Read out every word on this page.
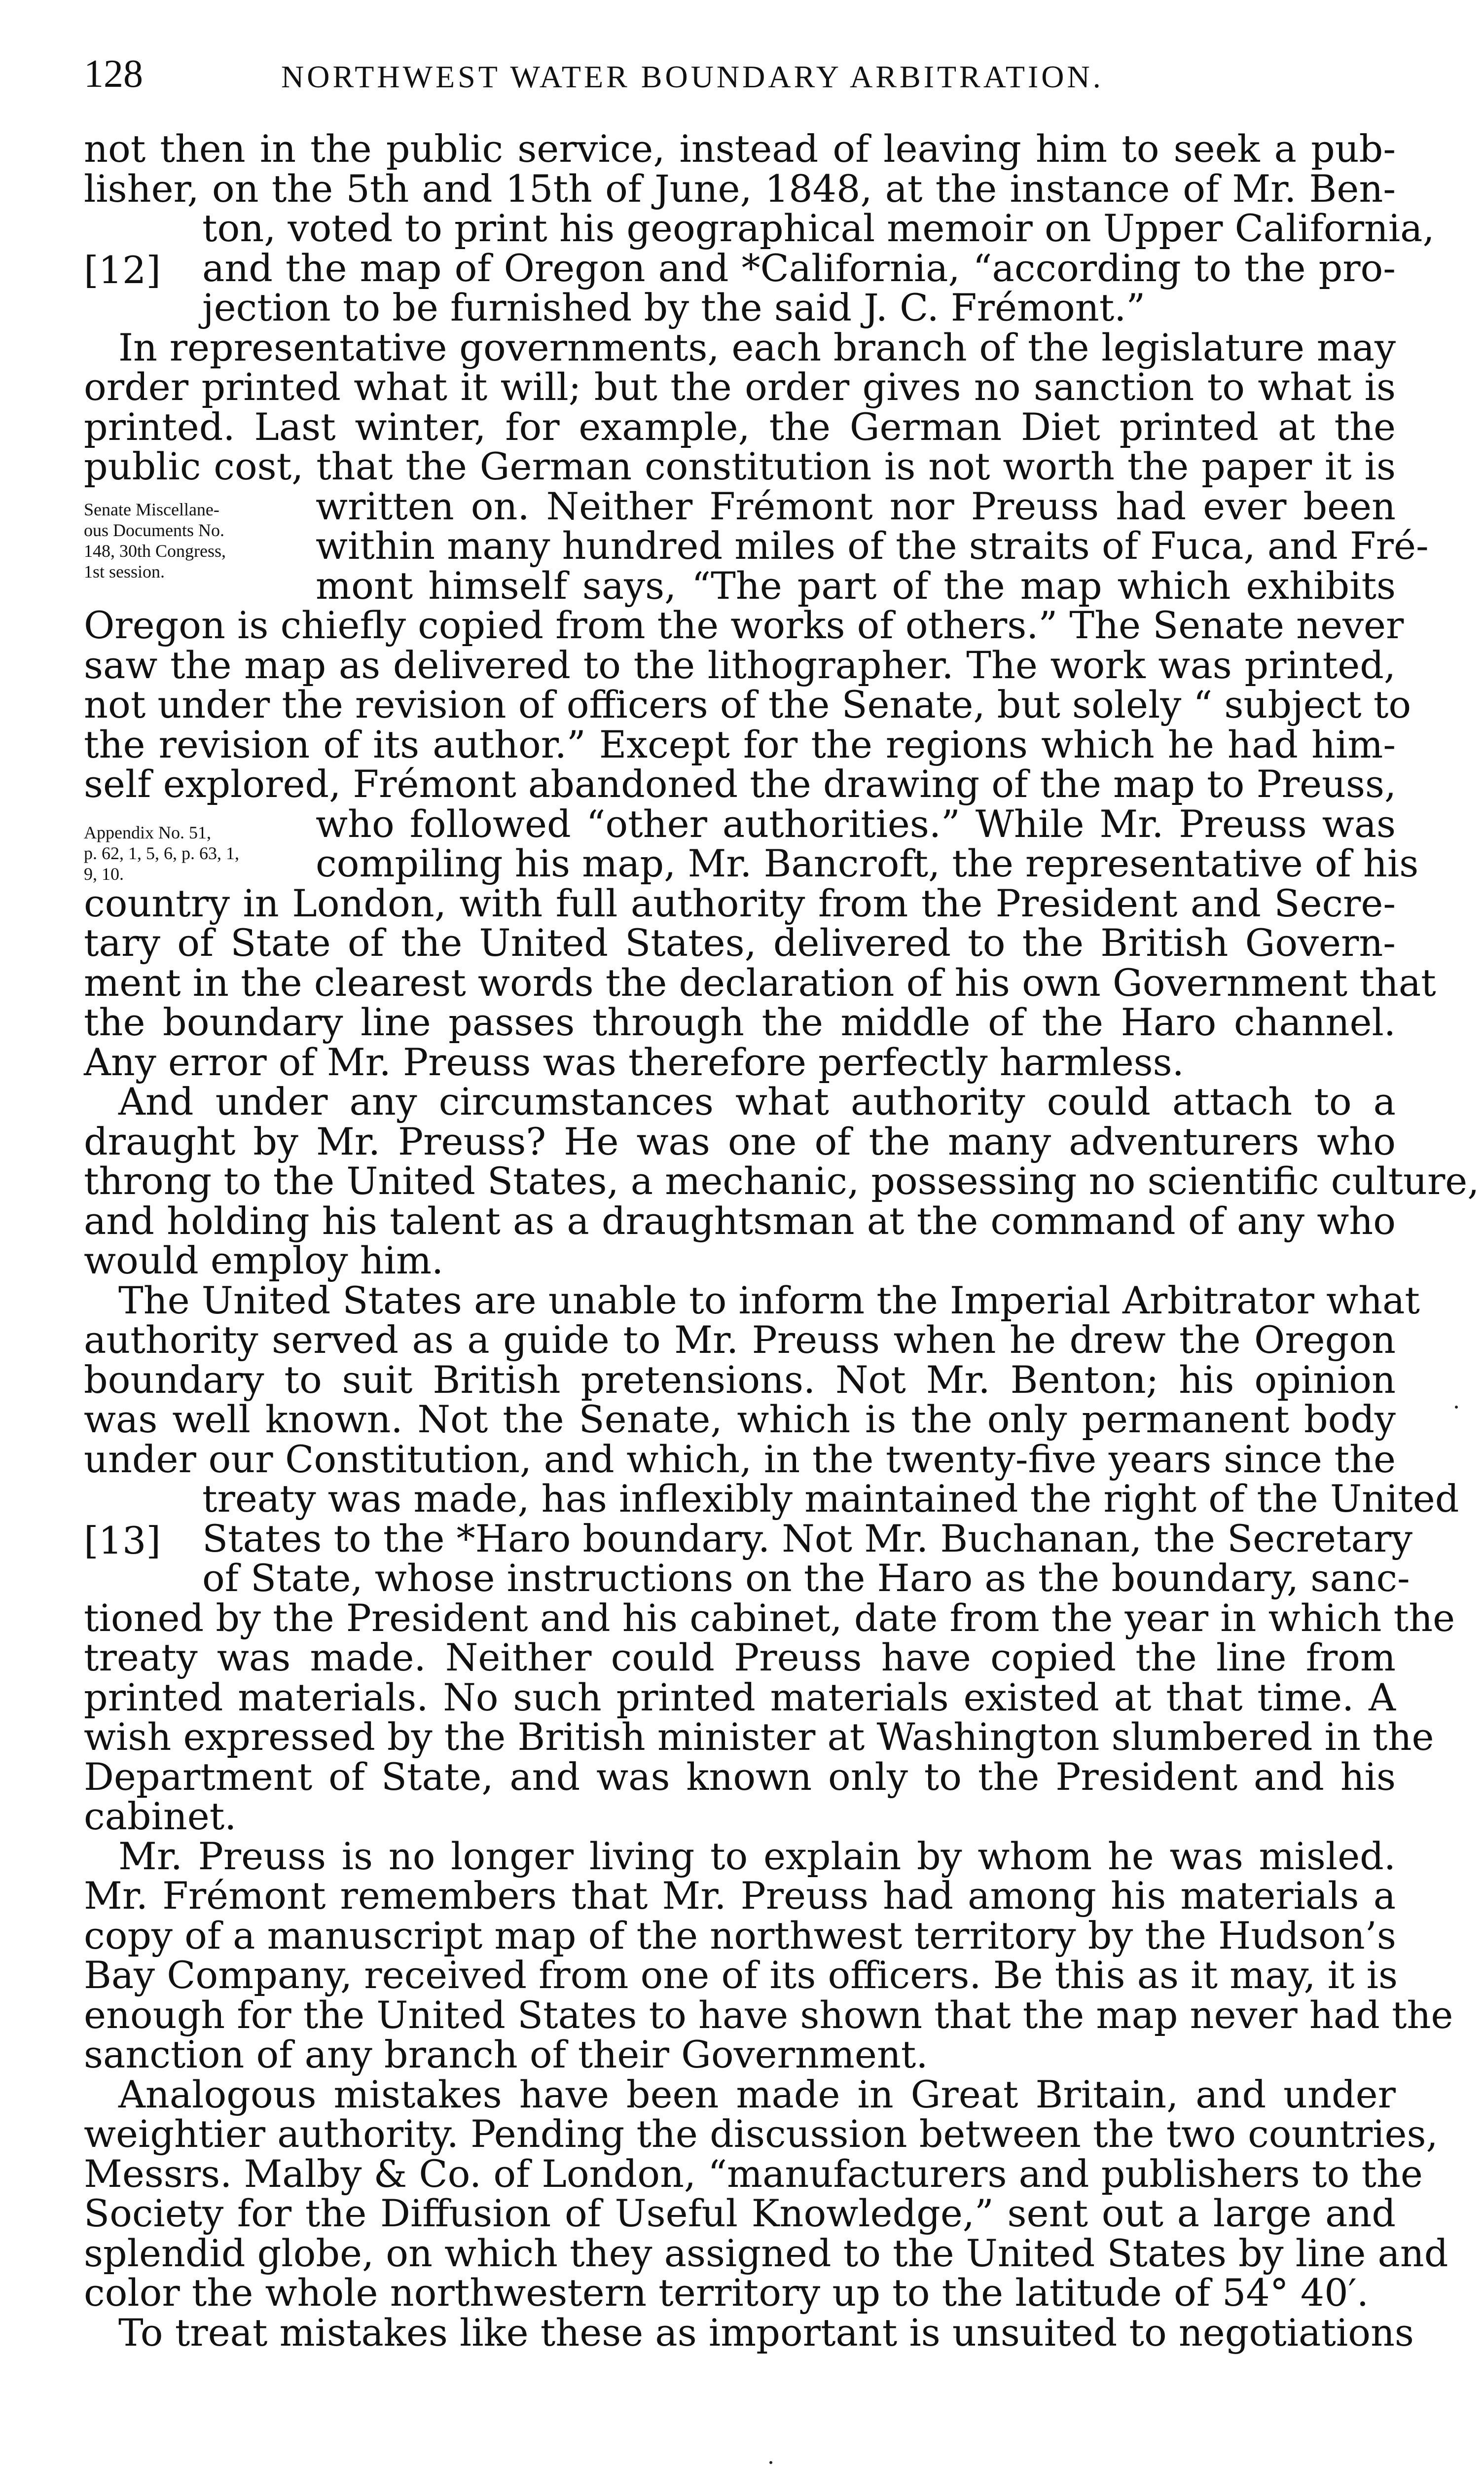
128	NORTHWEST WATER BOUNDARY ARBITRATION.
not then in the public service, instead of leaving him to seek a pub-
lisher, on the 5th and 15th of June, 1848, at the instance of Mr. Ben-
ton, voted to print his geographical memoir on Upper California,
and the map of Oregon and *California, “according to the pro-
jection to be furnished by the said J. C. Frémont.”
In representative governments, each branch of the legislature may
order printed what it will; but the order gives no sanction to what is
printed. Last winter, for example, the German Diet printed at the
public cost, that the German constitution is not worth the paper it is
written on. Neither Frémont nor Preuss had ever been
within many hundred miles of the straits of Fuca, and Fré-
mont himself says, “The part of the map which exhibits
Oregon is chiefly copied from the works of others.” The Senate never
saw the map as delivered to the lithographer. The work was printed,
not under the revision of officers of the Senate, but solely “ subject to
the revision of its author.” Except for the regions which he had him-
self explored, Frémont abandoned the drawing of the map to Preuss,
who followed “other authorities.” While Mr. Preuss was
compiling his map, Mr. Bancroft, the representative of his
country in London, with full authority from the President and Secre-
tary of State of the United States, delivered to the British Govern-
ment in the clearest words the declaration of his own Government that
the boundary line passes through the middle of the Haro channel.
Any error of Mr. Preuss was therefore perfectly harmless.
And under any circumstances what authority could attach to a
draught by Mr. Preuss? He was one of the many adventurers who
throng to the United States, a mechanic, possessing no scientific culture,
and holding his talent as a draughtsman at the command of any who
would employ him.
The United States are unable to inform the Imperial Arbitrator what
authority served as a guide to Mr. Preuss when he drew the Oregon
boundary to suit British pretensions. Not Mr. Benton; his opinion
was well known. Not the Senate, which is the only permanent body
under our Constitution, and which, in the twenty-five years since the
treaty was made, has inflexibly maintained the right of the United
States to the *Haro boundary. Not Mr. Buchanan, the Secretary
of State, whose instructions on the Haro as the boundary, sanc-
tioned by the President and his cabinet, date from the year in which the
treaty was made. Neither could Preuss have copied the line from
printed materials. No such printed materials existed at that time. A
wish expressed by the British minister at Washington slumbered in the
Department of State, and was known only to the President and his
cabinet.
Mr. Preuss is no longer living to explain by whom he was misled.
Mr. Frémont remembers that Mr. Preuss had among his materials a
copy of a manuscript map of the northwest territory by the Hudson’s
Bay Company, received from one of its officers. Be this as it may, it is
enough for the United States to have shown that the map never had the
sanction of any branch of their Government.
Analogous mistakes have been made in Great Britain, and under
weightier authority. Pending the discussion between the two countries,
Messrs. Malby & Co. of London, “manufacturers and publishers to the
Society for the Diffusion of Useful Knowledge,” sent out a large and
splendid globe, on which they assigned to the United States by line and
color the whole northwestern territory up to the latitude of 54° 40′.
To treat mistakes like these as important is unsuited to negotiations
[12]
[13]
Senate Miscellane-
ous Documents No.
148, 30th Congress,
1st session.
Appendix No. 51,
p. 62, 1, 5, 6, p. 63, 1,
9, 10.
